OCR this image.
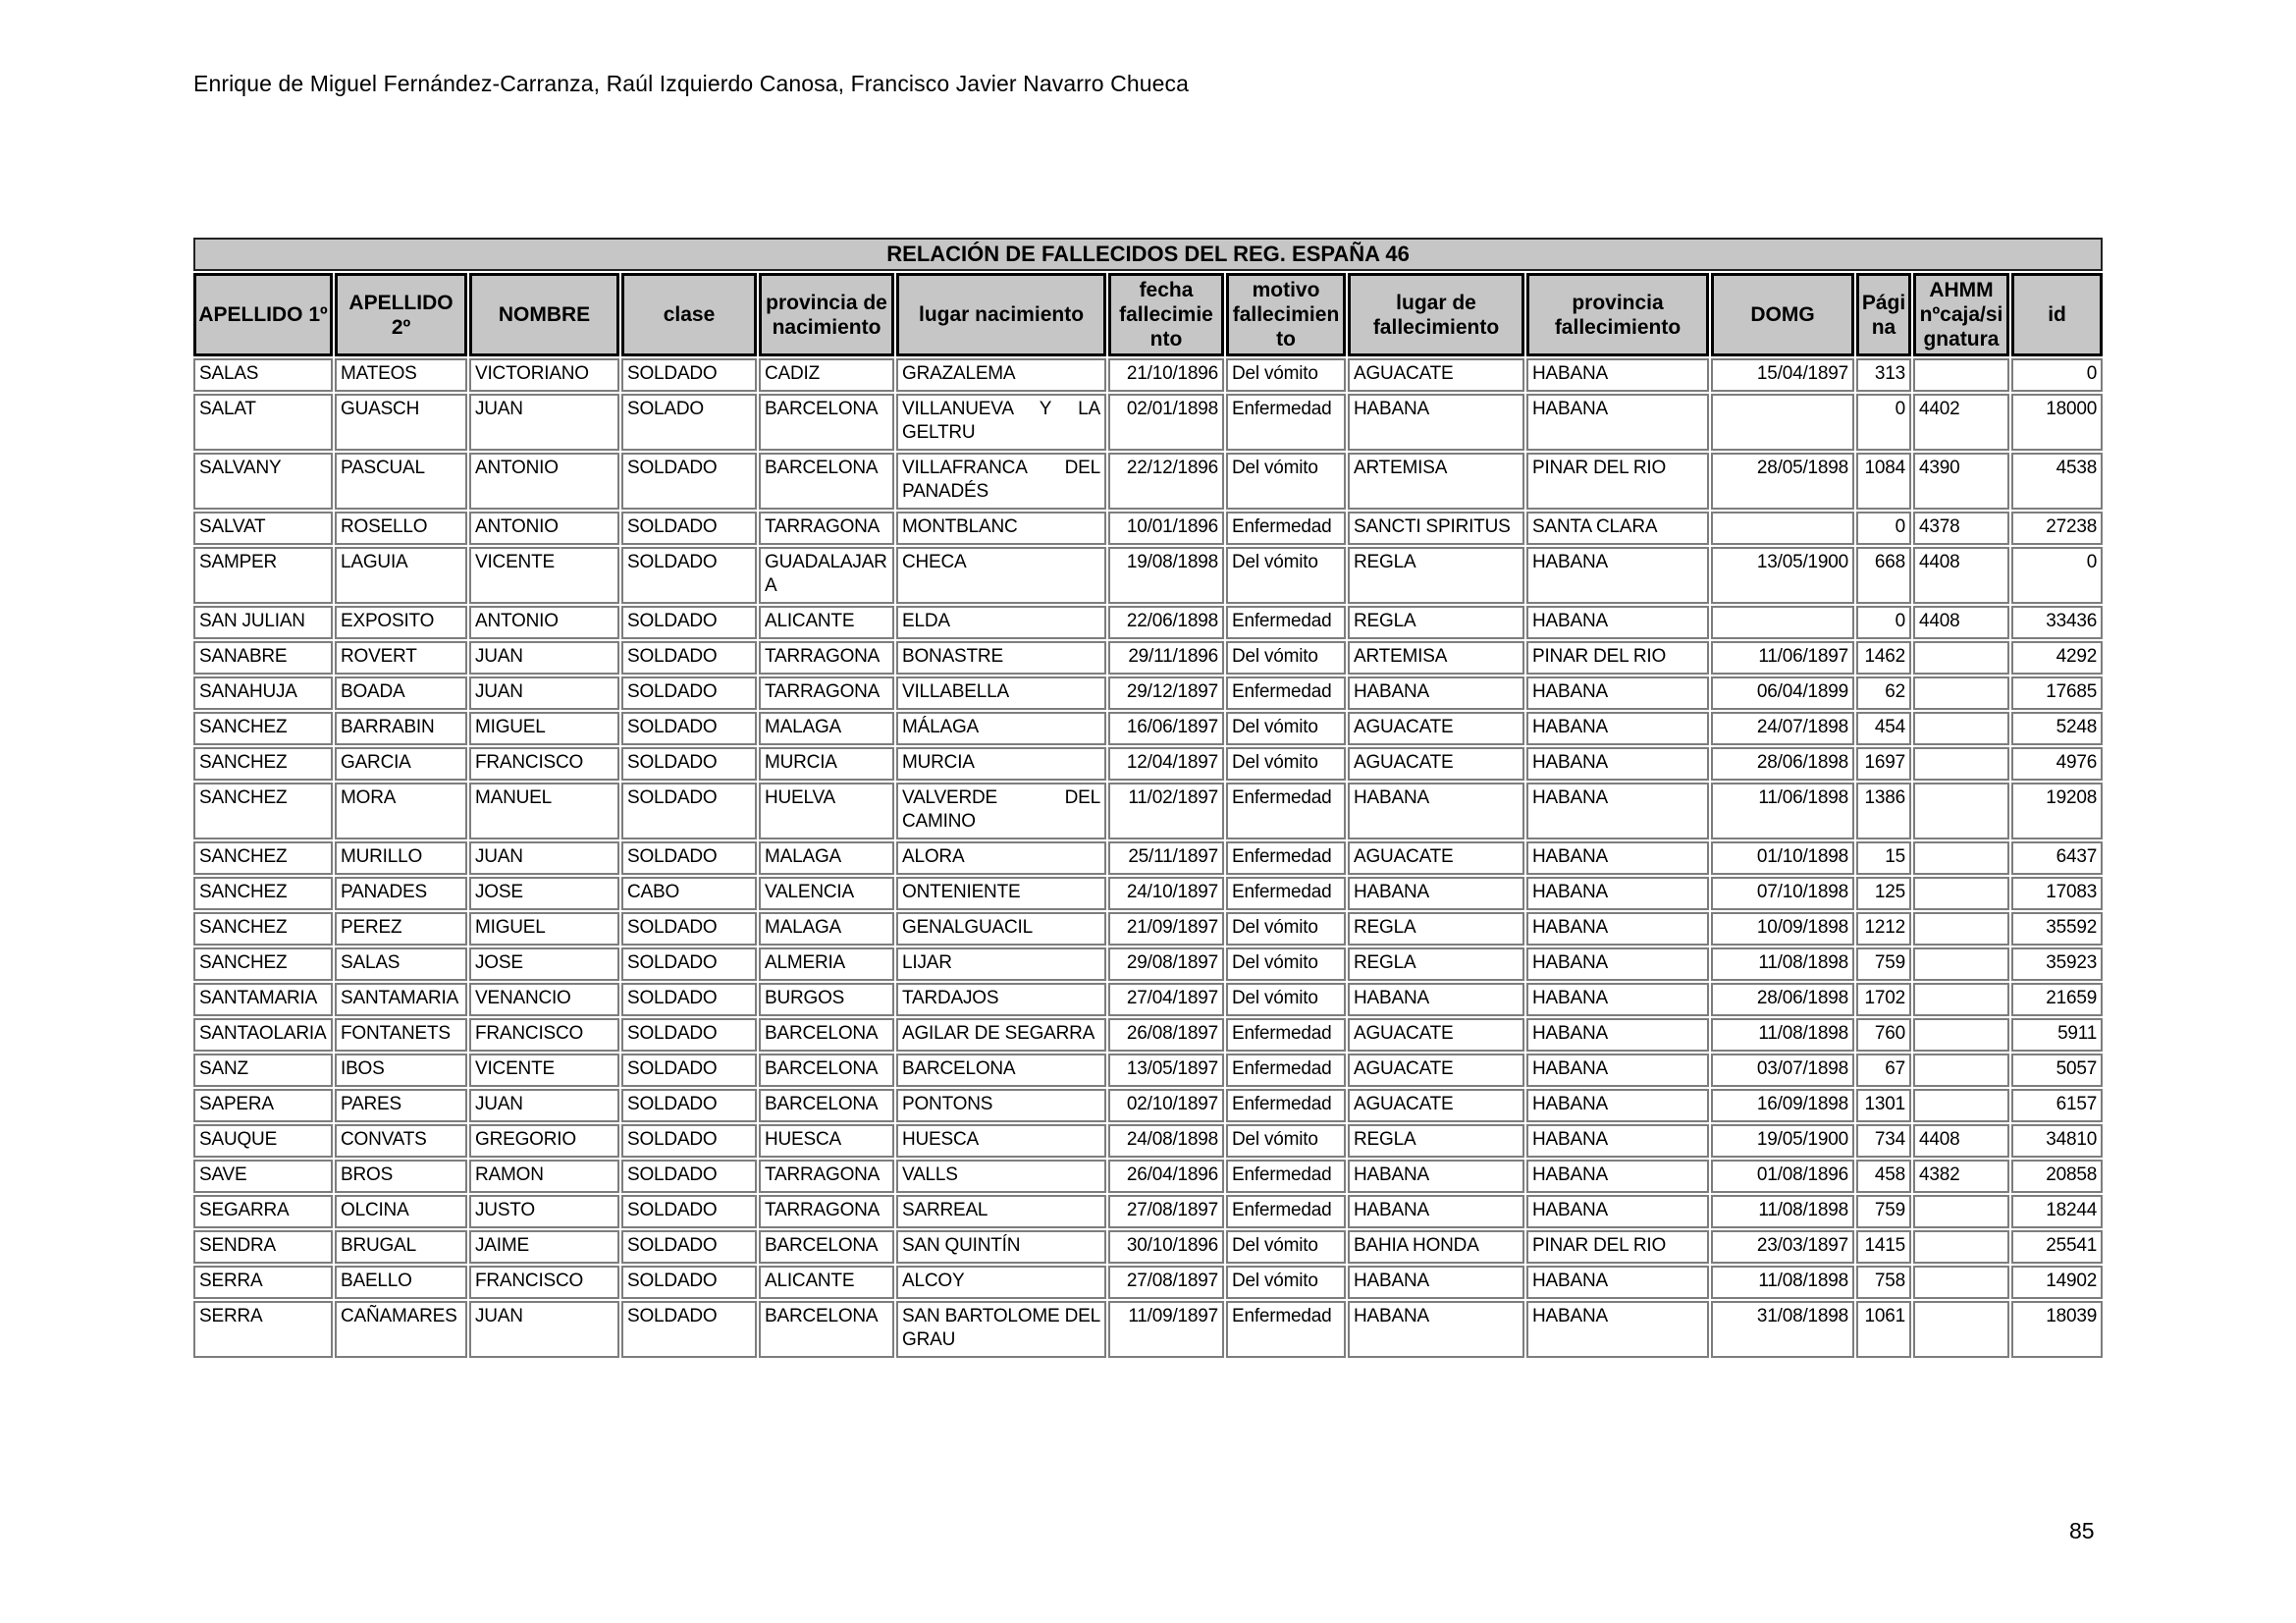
Enrique de Miguel Fernández-Carranza, Raúl Izquierdo Canosa, Francisco Javier Navarro Chueca
RELACIÓN DE FALLECIDOS DEL REG. ESPAÑA 46													
APELLIDO 1º	APELLIDO 2º	NOMBRE	clase	provincia de nacimiento	lugar nacimiento	fecha fallecimiento	motivo fallecimiento	lugar de fallecimiento	provincia fallecimiento	DOMG	Página	AHMM nºcaja/signatura	id
SALAS	MATEOS	VICTORIANO	SOLDADO	CADIZ	GRAZALEMA	21/10/1896	Del vómito	AGUACATE	HABANA	15/04/1897	313		0
SALAT	GUASCH	JUAN	SOLADO	BARCELONA	VILLANUEVA Y LA GELTRU	02/01/1898	Enfermedad	HABANA	HABANA		0	4402	18000
SALVANY	PASCUAL	ANTONIO	SOLDADO	BARCELONA	VILLAFRANCA DEL PANADÉS	22/12/1896	Del vómito	ARTEMISA	PINAR DEL RIO	28/05/1898	1084	4390	4538
SALVAT	ROSELLO	ANTONIO	SOLDADO	TARRAGONA	MONTBLANC	10/01/1896	Enfermedad	SANCTI SPIRITUS	SANTA CLARA		0	4378	27238
SAMPER	LAGUIA	VICENTE	SOLDADO	GUADALAJARA	CHECA	19/08/1898	Del vómito	REGLA	HABANA	13/05/1900	668	4408	0
SAN JULIAN	EXPOSITO	ANTONIO	SOLDADO	ALICANTE	ELDA	22/06/1898	Enfermedad	REGLA	HABANA		0	4408	33436
SANABRE	ROVERT	JUAN	SOLDADO	TARRAGONA	BONASTRE	29/11/1896	Del vómito	ARTEMISA	PINAR DEL RIO	11/06/1897	1462		4292
SANAHUJA	BOADA	JUAN	SOLDADO	TARRAGONA	VILLABELLA	29/12/1897	Enfermedad	HABANA	HABANA	06/04/1899	62		17685
SANCHEZ	BARRABIN	MIGUEL	SOLDADO	MALAGA	MÁLAGA	16/06/1897	Del vómito	AGUACATE	HABANA	24/07/1898	454		5248
SANCHEZ	GARCIA	FRANCISCO	SOLDADO	MURCIA	MURCIA	12/04/1897	Del vómito	AGUACATE	HABANA	28/06/1898	1697		4976
SANCHEZ	MORA	MANUEL	SOLDADO	HUELVA	VALVERDE DEL CAMINO	11/02/1897	Enfermedad	HABANA	HABANA	11/06/1898	1386		19208
SANCHEZ	MURILLO	JUAN	SOLDADO	MALAGA	ALORA	25/11/1897	Enfermedad	AGUACATE	HABANA	01/10/1898	15		6437
SANCHEZ	PANADES	JOSE	CABO	VALENCIA	ONTENIENTE	24/10/1897	Enfermedad	HABANA	HABANA	07/10/1898	125		17083
SANCHEZ	PEREZ	MIGUEL	SOLDADO	MALAGA	GENALGUACIL	21/09/1897	Del vómito	REGLA	HABANA	10/09/1898	1212		35592
SANCHEZ	SALAS	JOSE	SOLDADO	ALMERIA	LIJAR	29/08/1897	Del vómito	REGLA	HABANA	11/08/1898	759		35923
SANTAMARIA	SANTAMARIA	VENANCIO	SOLDADO	BURGOS	TARDAJOS	27/04/1897	Del vómito	HABANA	HABANA	28/06/1898	1702		21659
SANTAOLARIA	FONTANETS	FRANCISCO	SOLDADO	BARCELONA	AGILAR DE SEGARRA	26/08/1897	Enfermedad	AGUACATE	HABANA	11/08/1898	760		5911
SANZ	IBOS	VICENTE	SOLDADO	BARCELONA	BARCELONA	13/05/1897	Enfermedad	AGUACATE	HABANA	03/07/1898	67		5057
SAPERA	PARES	JUAN	SOLDADO	BARCELONA	PONTONS	02/10/1897	Enfermedad	AGUACATE	HABANA	16/09/1898	1301		6157
SAUQUE	CONVATS	GREGORIO	SOLDADO	HUESCA	HUESCA	24/08/1898	Del vómito	REGLA	HABANA	19/05/1900	734	4408	34810
SAVE	BROS	RAMON	SOLDADO	TARRAGONA	VALLS	26/04/1896	Enfermedad	HABANA	HABANA	01/08/1896	458	4382	20858
SEGARRA	OLCINA	JUSTO	SOLDADO	TARRAGONA	SARREAL	27/08/1897	Enfermedad	HABANA	HABANA	11/08/1898	759		18244
SENDRA	BRUGAL	JAIME	SOLDADO	BARCELONA	SAN QUINTÍN	30/10/1896	Del vómito	BAHIA HONDA	PINAR DEL RIO	23/03/1897	1415		25541
SERRA	BAELLO	FRANCISCO	SOLDADO	ALICANTE	ALCOY	27/08/1897	Del vómito	HABANA	HABANA	11/08/1898	758		14902
SERRA	CAÑAMARES	JUAN	SOLDADO	BARCELONA	SAN BARTOLOME DEL GRAU	11/09/1897	Enfermedad	HABANA	HABANA	31/08/1898	1061		18039
85
